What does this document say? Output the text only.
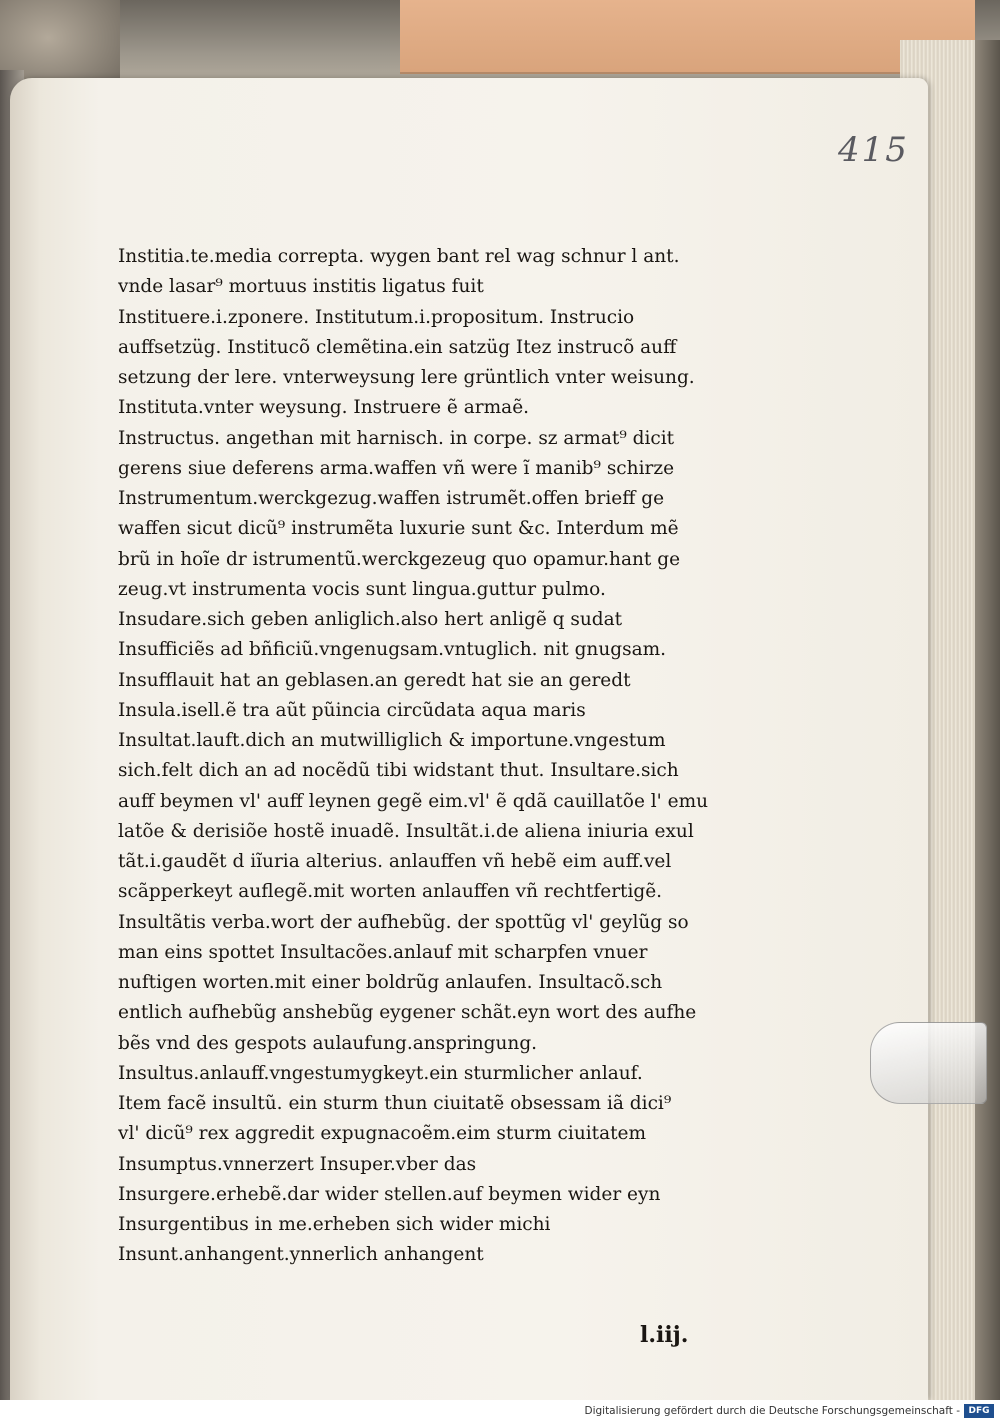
415
Institia.te.media correpta. wygen bant rel wag schnur l ant.
vnde lasar⁹ mortuus institis ligatus fuit
Instituere.i.zponere. Institutum.i.propositum. Instrucio
auffsetzüg. Institucõ clemẽtina.ein satzüg Itez instrucõ auff
setzung der lere. vnterweysung lere grüntlich vnter weisung.
Instituta.vnter weysung. Instruere ẽ armaẽ.
Instructus. angethan mit harnisch. in corpe. sz armat⁹ dicit
gerens siue deferens arma.waffen vñ were ĩ manib⁹ schirze
Instrumentum.werckgezug.waffen istrumẽt.offen brieff ge
waffen sicut dicũ⁹ instrumẽta luxurie sunt &c. Interdum mẽ
brũ in hoĩe dr istrumentũ.werckgezeug quo opamur.hant ge
zeug.vt instrumenta vocis sunt lingua.guttur pulmo.
Insudare.sich geben anliglich.also hert anligẽ q sudat
Insufficiẽs ad bñficiũ.vngenugsam.vntuglich. nit gnugsam.
Insufflauit hat an geblasen.an geredt hat sie an geredt
Insula.isell.ẽ tra aũt pũincia circũdata aqua maris
Insultat.lauft.dich an mutwilliglich & importune.vngestum
sich.felt dich an ad nocẽdũ tibi widstant thut. Insultare.sich
auff beymen vl' auff leynen gegẽ eim.vl' ẽ qdã cauillatõe l' emu
latõe & derisiõe hostẽ inuadẽ. Insultãt.i.de aliena iniuria exul
tãt.i.gaudẽt d iĩuria alterius. anlauffen vñ hebẽ eim auff.vel
scãpperkeyt auflegẽ.mit worten anlauffen vñ rechtfertigẽ.
Insultãtis verba.wort der aufhebũg. der spottũg vl' geylũg so
man eins spottet Insultacões.anlauf mit scharpfen vnuer
nuftigen worten.mit einer boldrũg anlaufen. Insultacõ.sch
entlich aufhebũg anshebũg eygener schãt.eyn wort des aufhe
bẽs vnd des gespots aulaufung.anspringung.
Insultus.anlauff.vngestumygkeyt.ein sturmlicher anlauf.
Item facẽ insultũ. ein sturm thun ciuitatẽ obsessam iã dici⁹
vl' dicũ⁹ rex aggredit expugnacoẽm.eim sturm ciuitatem
Insumptus.vnnerzert Insuper.vber das
Insurgere.erhebẽ.dar wider stellen.auf beymen wider eyn
Insurgentibus in me.erheben sich wider michi
Insunt.anhangent.ynnerlich anhangent
l.iij.
Digitalisierung gefördert durch die Deutsche Forschungsgemeinschaft - DFG
